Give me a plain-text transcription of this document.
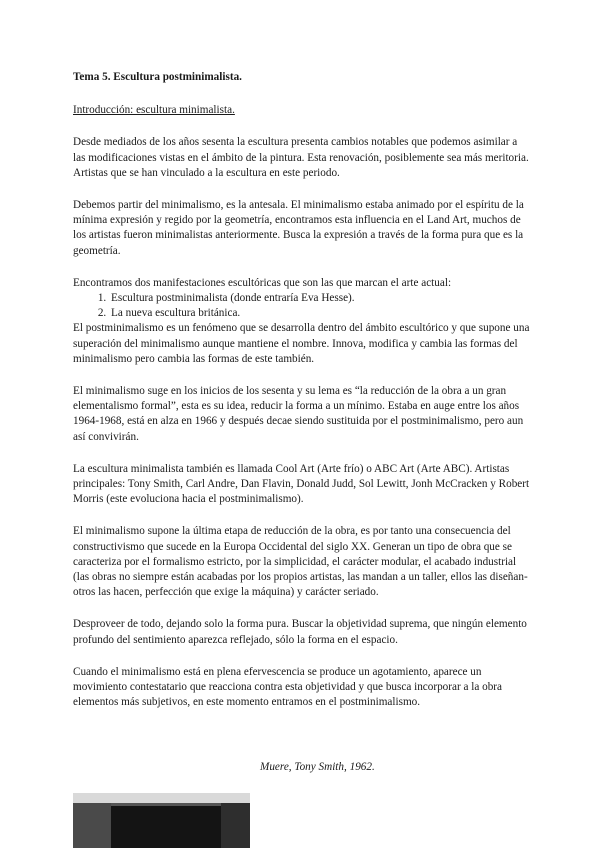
Tema 5. Escultura postminimalista.
Introducción: escultura minimalista.

Desde mediados de los años sesenta la escultura presenta cambios notables que podemos asimilar a las modificaciones vistas en el ámbito de la pintura. Esta renovación, posiblemente sea más meritoria. Artistas que se han vinculado a la escultura en este periodo.

Debemos partir del minimalismo, es la antesala. El minimalismo estaba animado por el espíritu de la mínima expresión y regido por la geometría, encontramos esta influencia en el Land Art, muchos de los artistas fueron minimalistas anteriormente. Busca la expresión a través de la forma pura que es la geometría.

Encontramos dos manifestaciones escultóricas que son las que marcan el arte actual:

1. Escultura postminimalista (donde entraría Eva Hesse).
2. La nueva escultura británica.

El postminimalismo es un fenómeno que se desarrolla dentro del ámbito escultórico y que supone una superación del minimalismo aunque mantiene el nombre. Innova, modifica y cambia las formas del minimalismo pero cambia las formas de este también.

El minimalismo suge en los inicios de los sesenta y su lema es “la reducción de la obra a un gran elementalismo formal”, esta es su idea, reducir la forma a un mínimo. Estaba en auge entre los años 1964-1968, está en alza en 1966 y después decae siendo sustituida por el postminimalismo, pero aun así convivirán.

La escultura minimalista también es llamada Cool Art (Arte frío) o ABC Art (Arte ABC). Artistas principales: Tony Smith, Carl Andre, Dan Flavin, Donald Judd, Sol Lewitt, Jonh McCracken y Robert Morris (este evoluciona hacia el postminimalismo).

El minimalismo supone la última etapa de reducción de la obra, es por tanto una consecuencia del constructivismo que sucede en la Europa Occidental del siglo XX. Generan un tipo de obra que se caracteriza por el formalismo estricto, por la simplicidad, el carácter modular, el acabado industrial (las obras no siempre están acabadas por los propios artistas, las mandan a un taller, ellos las diseñan-otros las hacen, perfección que exige la máquina) y carácter seriado.

Desproveer de todo, dejando solo la forma pura. Buscar la objetividad suprema, que ningún elemento profundo del sentimiento aparezca reflejado, sólo la forma en el espacio.

Cuando el minimalismo está en plena efervescencia se produce un agotamiento, aparece un movimiento contestatario que reacciona contra esta objetividad y que busca incorporar a la obra elementos más subjetivos, en este momento entramos en el postminimalismo.

Muere, Tony Smith, 1962.
